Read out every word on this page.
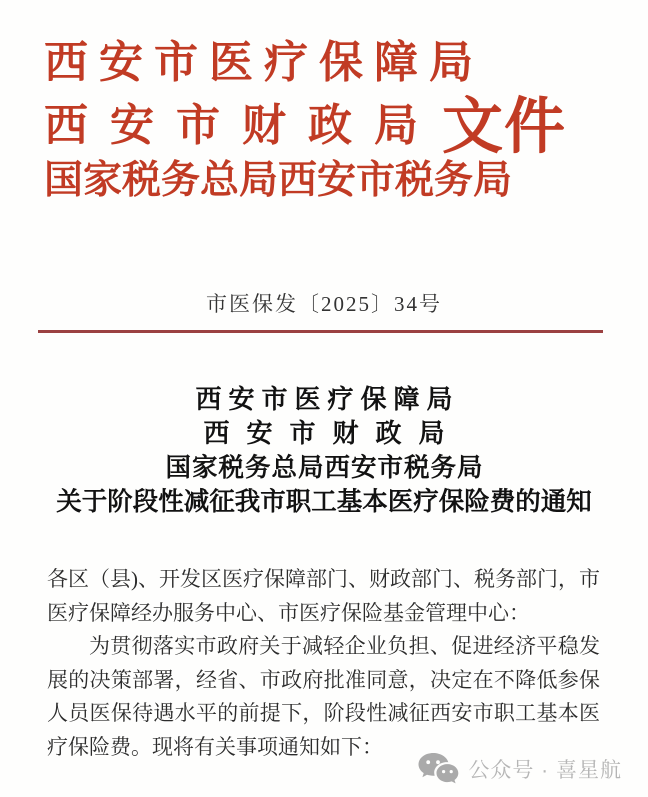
西安市医疗保障局
西安市财政局 文件
国家税务总局西安市税务局
市医保发〔2025〕34号
西安市医疗保障局
西安市财政局
国家税务总局西安市税务局
关于阶段性减征我市职工基本医疗保险费的通知

各区（县)、开发区医疗保障部门、财政部门、税务部门，市医疗保障经办服务中心、市医疗保险基金管理中心：

为贯彻落实市政府关于减轻企业负担、促进经济平稳发展的决策部署，经省、市政府批准同意，决定在不降低参保人员医保待遇水平的前提下，阶段性减征西安市职工基本医疗保险费。现将有关事项通知如下：

公众号 · 喜星航
